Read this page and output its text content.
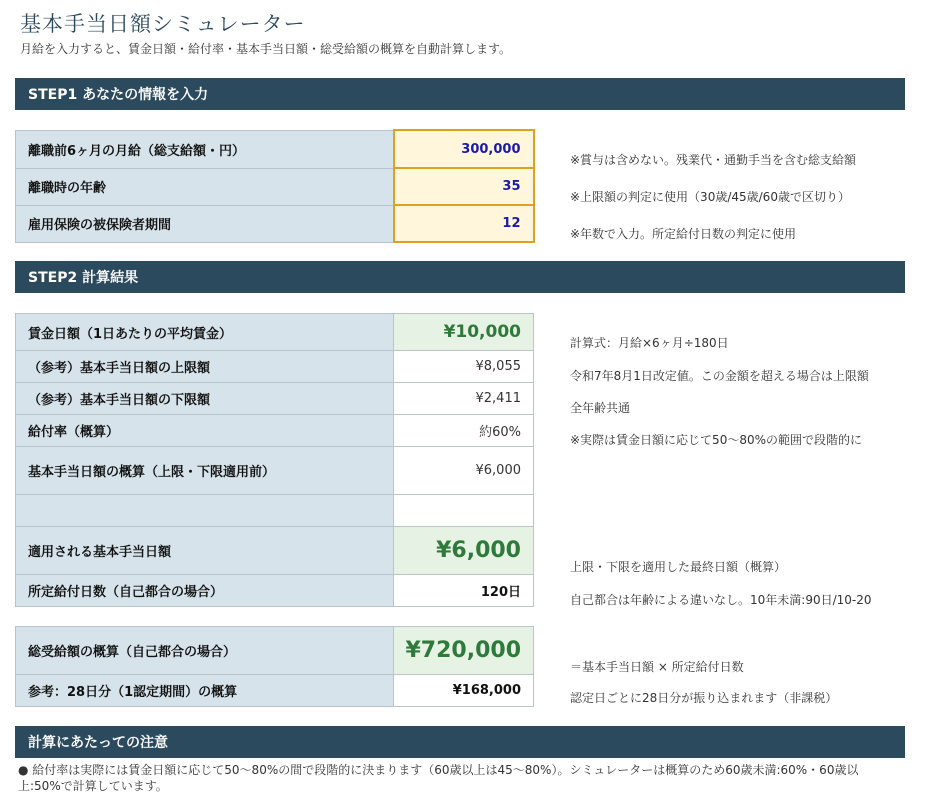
基本手当日額シミュレーター
月給を入力すると、賃金日額・給付率・基本手当日額・総受給額の概算を自動計算します。
STEP1 あなたの情報を入力
離職前6ヶ月の月給（総支給額・円）	300,000
離職時の年齢	35
雇用保険の被保険者期間	12
※賞与は含めない。残業代・通勤手当を含む総支給額
※上限額の判定に使用（30歳/45歳/60歳で区切り）
※年数で入力。所定給付日数の判定に使用
STEP2 計算結果
賃金日額（1日あたりの平均賃金）	¥10,000
（参考）基本手当日額の上限額	¥8,055
（参考）基本手当日額の下限額	¥2,411
給付率（概算）	約60%
基本手当日額の概算（上限・下限適用前）	¥6,000

適用される基本手当日額	¥6,000
所定給付日数（自己都合の場合）	120日
計算式：月給×6ヶ月÷180日
令和7年8月1日改定値。この金額を超える場合は上限額
全年齢共通
※実際は賃金日額に応じて50〜80%の範囲で段階的に
上限・下限を適用した最終日額（概算）
自己都合は年齢による違いなし。10年未満:90日/10-20
総受給額の概算（自己都合の場合）	¥720,000
参考：28日分（1認定期間）の概算	¥168,000
＝基本手当日額 × 所定給付日数
認定日ごとに28日分が振り込まれます（非課税）
計算にあたっての注意
● 給付率は実際には賃金日額に応じて50〜80%の間で段階的に決まります（60歳以上は45〜80%）。シミュレーターは概算のため60歳未満:60%・60歳以上:50%で計算しています。
